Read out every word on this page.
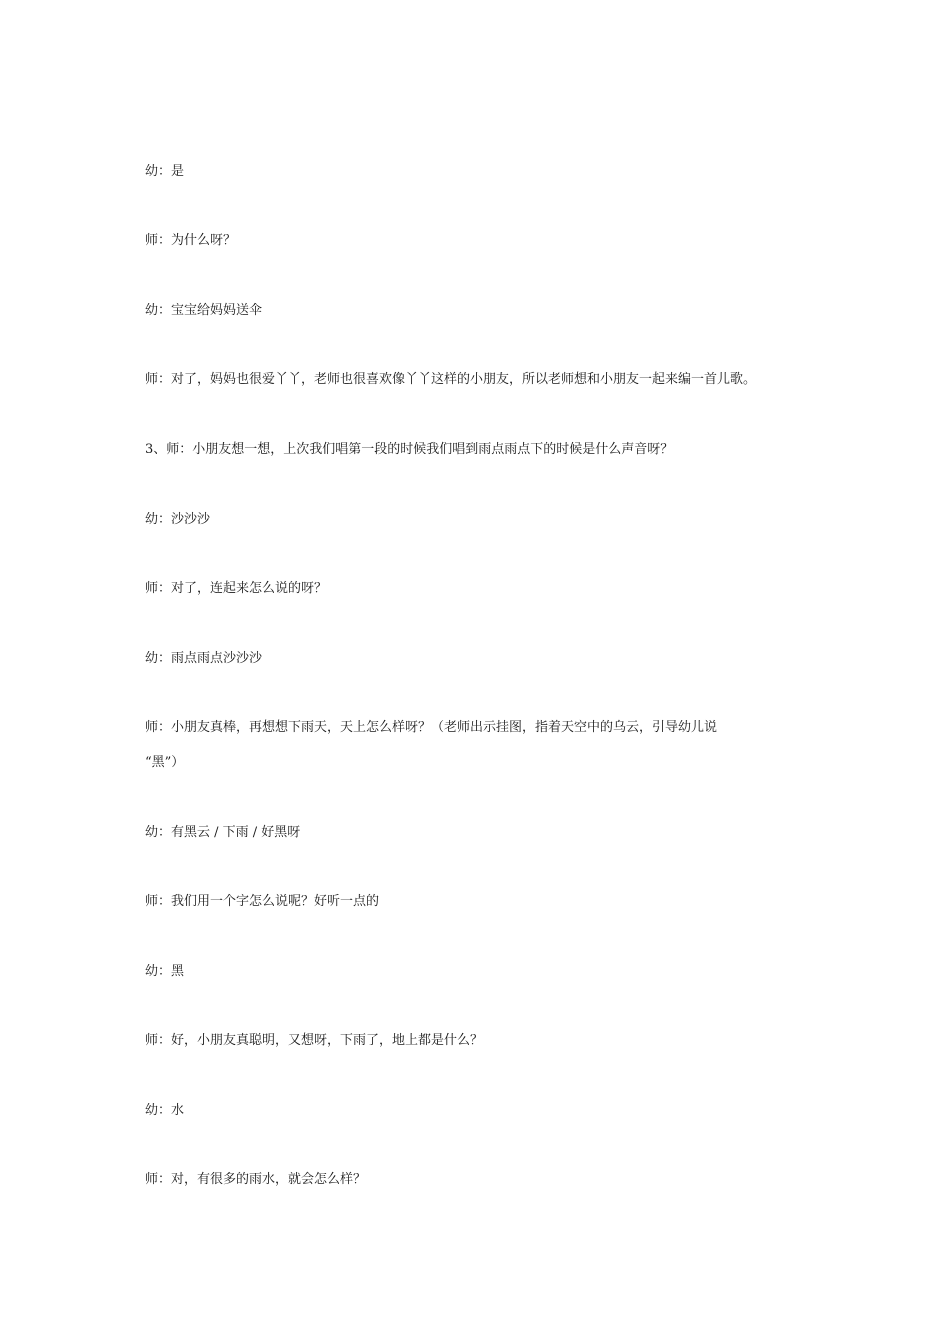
幼：是
师：为什么呀？
幼：宝宝给妈妈送伞
师：对了，妈妈也很爱丫丫，老师也很喜欢像丫丫这样的小朋友，所以老师想和小朋友一起来编一首儿歌。
3、师：小朋友想一想，上次我们唱第一段的时候我们唱到雨点雨点下的时候是什么声音呀？
幼：沙沙沙
师：对了，连起来怎么说的呀？
幼：雨点雨点沙沙沙
师：小朋友真棒，再想想下雨天，天上怎么样呀？（老师出示挂图，指着天空中的乌云，引导幼儿说
“黑”）
幼：有黑云 / 下雨 / 好黑呀
师：我们用一个字怎么说呢？好听一点的
幼：黑
师：好，小朋友真聪明，又想呀，下雨了，地上都是什么？
幼：水
师：对，有很多的雨水，就会怎么样？
